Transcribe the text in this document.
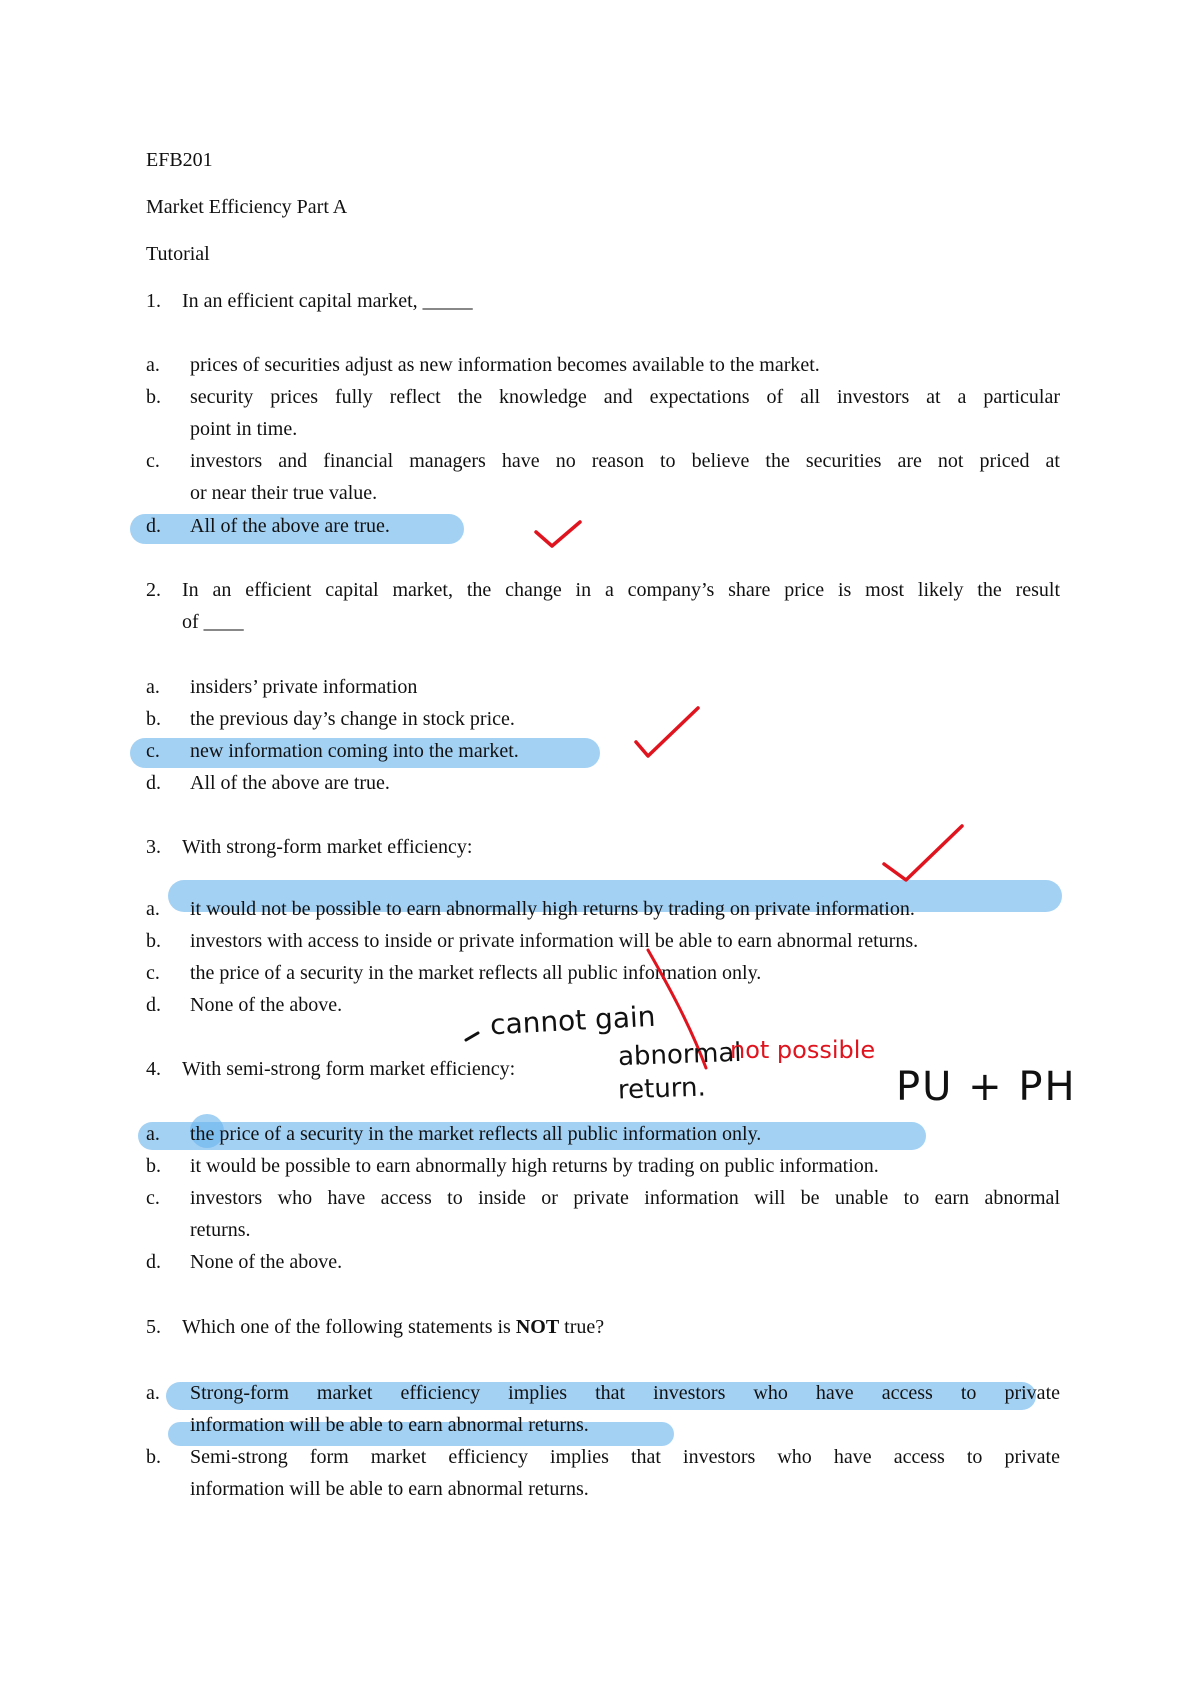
EFB201
Market Efficiency Part A
Tutorial
1. In an efficient capital market, _____
a. prices of securities adjust as new information becomes available to the market.
b. security prices fully reflect the knowledge and expectations of all investors at a particular
point in time.
c. investors and financial managers have no reason to believe the securities are not priced at
or near their true value.
d. All of the above are true.
2. In an efficient capital market, the change in a company’s share price is most likely the result
of ____
a. insiders’ private information
b. the previous day’s change in stock price.
c. new information coming into the market.
d. All of the above are true.
3. With strong-form market efficiency:
a. it would not be possible to earn abnormally high returns by trading on private information.
b. investors with access to inside or private information will be able to earn abnormal returns.
c. the price of a security in the market reflects all public information only.
d. None of the above.
4. With semi-strong form market efficiency:
a. the price of a security in the market reflects all public information only.
b. it would be possible to earn abnormally high returns by trading on public information.
c. investors who have access to inside or private information will be unable to earn abnormal
returns.
d. None of the above.
5. Which one of the following statements is NOT true?
a. Strong-form market efficiency implies that investors who have access to private
information will be able to earn abnormal returns.
b. Semi-strong form market efficiency implies that investors who have access to private
information will be able to earn abnormal returns.
cannot gain
abnormal
return.
not possible
PU + PH
